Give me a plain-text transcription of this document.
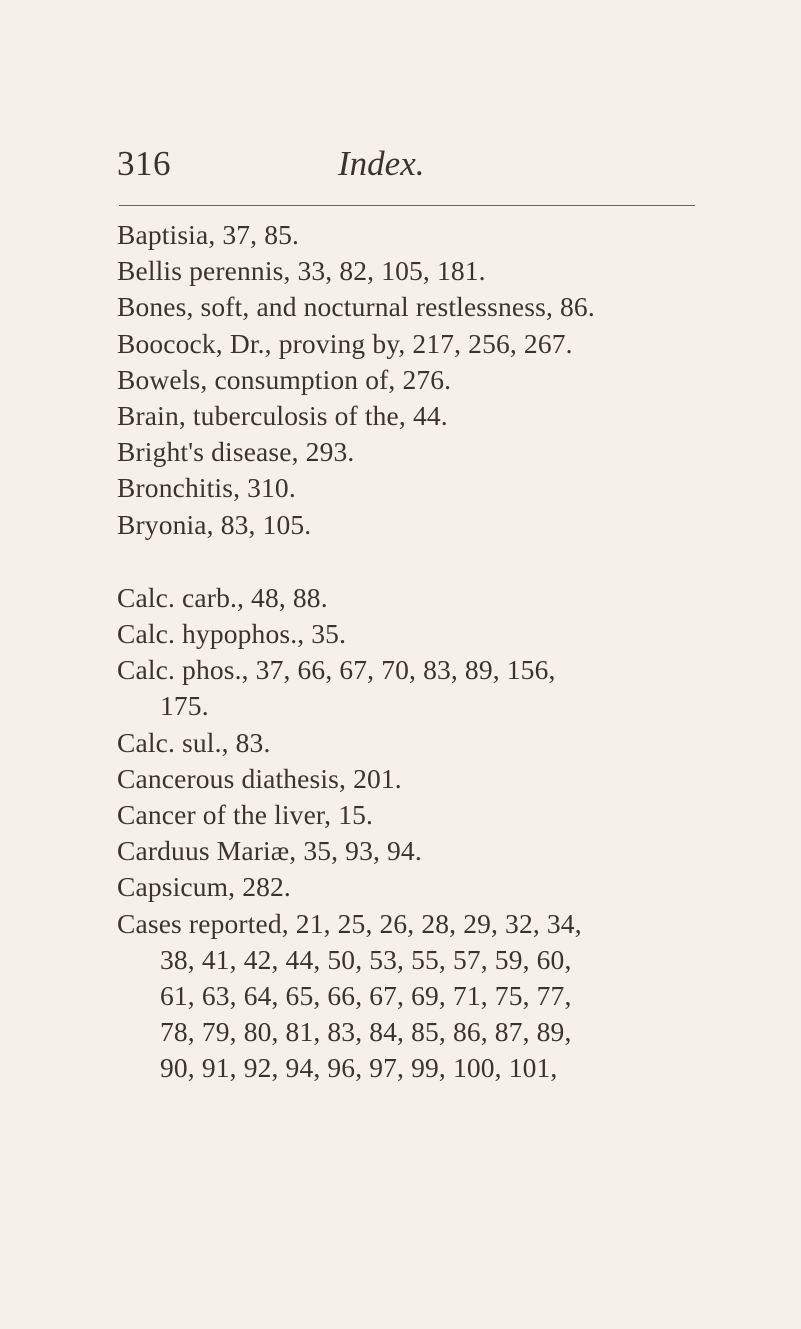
316	Index.

Baptisia, 37, 85.

Bellis perennis, 33, 82, 105, 181.

Bones, soft, and nocturnal restlessness, 86.

Boocock, Dr., proving by, 217, 256, 267.

Bowels, consumption of, 276.

Brain, tuberculosis of the, 44.

Bright's disease, 293.

Bronchitis, 310.

Bryonia, 83, 105.

Calc. carb., 48, 88.

Calc. hypophos., 35.

Calc. phos., 37, 66, 67, 70, 83, 89, 156,

175.

Calc. sul., 83.

Cancerous diathesis, 201.

Cancer of the liver, 15.

Carduus Mariæ, 35, 93, 94.

Capsicum, 282.

Cases reported, 21, 25, 26, 28, 29, 32, 34,

38, 41, 42, 44, 50, 53, 55, 57, 59, 60,

61, 63, 64, 65, 66, 67, 69, 71, 75, 77,

78, 79, 80, 81, 83, 84, 85, 86, 87, 89,

90, 91, 92, 94, 96, 97, 99, 100, 101,
